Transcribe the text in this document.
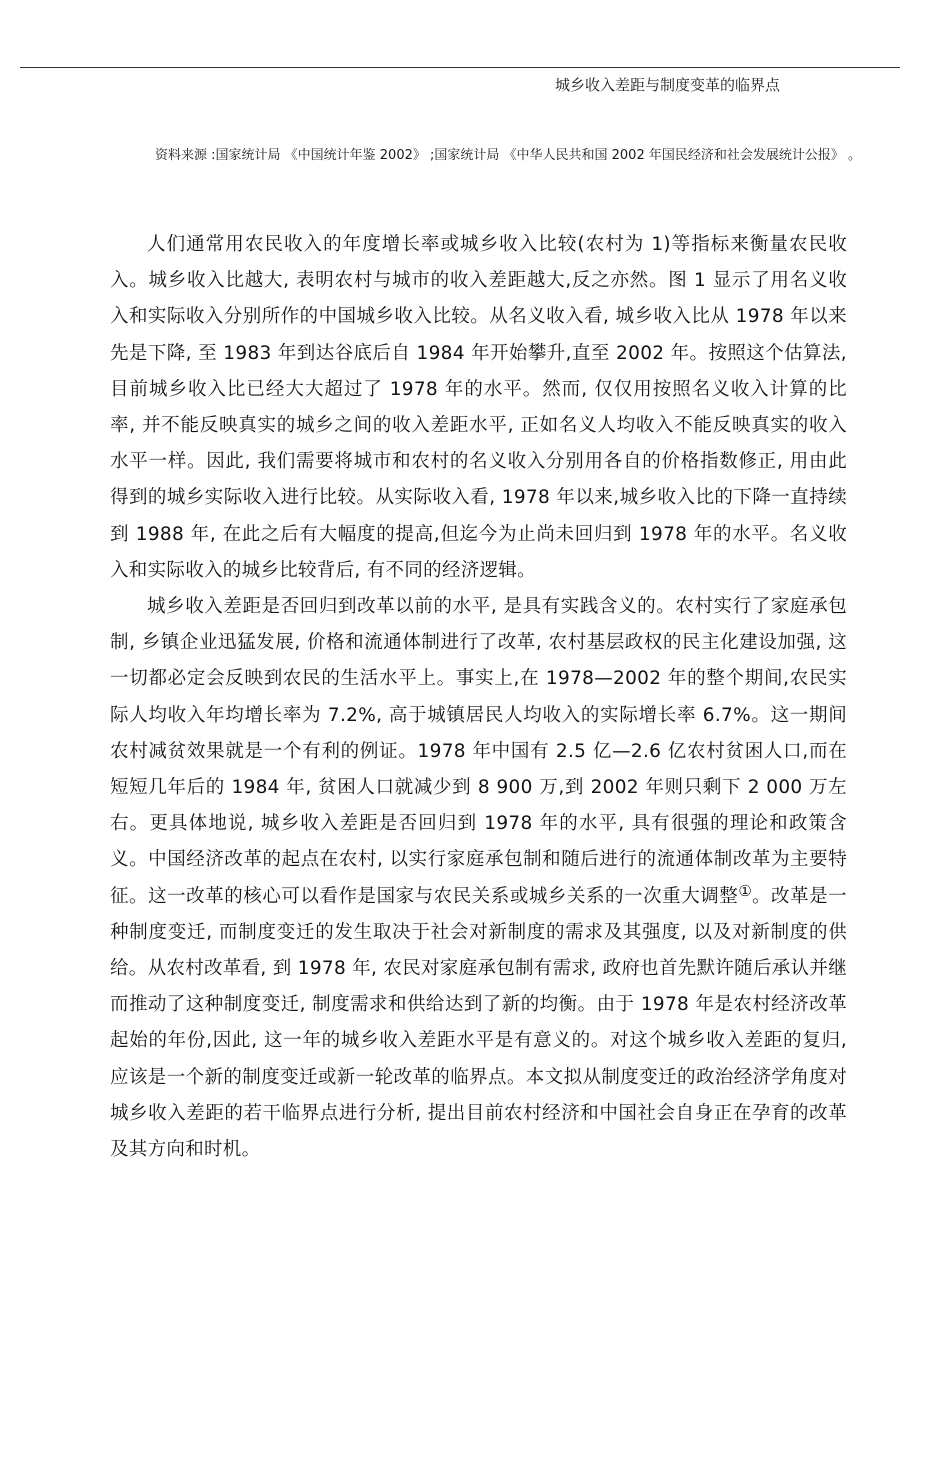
城乡收入差距与制度变革的临界点
资料来源 :国家统计局 《中国统计年鉴 2002》 ;国家统计局 《中华人民共和国 2002 年国民经济和社会发展统计公报》 。

人们通常用农民收入的年度增长率或城乡收入比较(农村为 1)等指标来衡量农民收入。城乡收入比越大, 表明农村与城市的收入差距越大,反之亦然。图 1 显示了用名义收入和实际收入分别所作的中国城乡收入比较。从名义收入看, 城乡收入比从 1978 年以来先是下降, 至 1983 年到达谷底后自 1984 年开始攀升,直至 2002 年。按照这个估算法,目前城乡收入比已经大大超过了 1978 年的水平。然而, 仅仅用按照名义收入计算的比率, 并不能反映真实的城乡之间的收入差距水平, 正如名义人均收入不能反映真实的收入水平一样。因此, 我们需要将城市和农村的名义收入分别用各自的价格指数修正, 用由此得到的城乡实际收入进行比较。从实际收入看, 1978 年以来,城乡收入比的下降一直持续到 1988 年, 在此之后有大幅度的提高,但迄今为止尚未回归到 1978 年的水平。名义收入和实际收入的城乡比较背后, 有不同的经济逻辑。

城乡收入差距是否回归到改革以前的水平, 是具有实践含义的。农村实行了家庭承包制, 乡镇企业迅猛发展, 价格和流通体制进行了改革, 农村基层政权的民主化建设加强, 这一切都必定会反映到农民的生活水平上。事实上,在 1978—2002 年的整个期间,农民实际人均收入年均增长率为 7.2%, 高于城镇居民人均收入的实际增长率 6.7%。这一期间农村减贫效果就是一个有利的例证。1978 年中国有 2.5 亿—2.6 亿农村贫困人口,而在短短几年后的 1984 年, 贫困人口就减少到 8 900 万,到 2002 年则只剩下 2 000 万左右。更具体地说, 城乡收入差距是否回归到 1978 年的水平, 具有很强的理论和政策含义。中国经济改革的起点在农村, 以实行家庭承包制和随后进行的流通体制改革为主要特征。这一改革的核心可以看作是国家与农民关系或城乡关系的一次重大调整①。改革是一种制度变迁, 而制度变迁的发生取决于社会对新制度的需求及其强度, 以及对新制度的供给。从农村改革看, 到 1978 年, 农民对家庭承包制有需求, 政府也首先默许随后承认并继而推动了这种制度变迁, 制度需求和供给达到了新的均衡。由于 1978 年是农村经济改革起始的年份,因此, 这一年的城乡收入差距水平是有意义的。对这个城乡收入差距的复归, 应该是一个新的制度变迁或新一轮改革的临界点。本文拟从制度变迁的政治经济学角度对城乡收入差距的若干临界点进行分析, 提出目前农村经济和中国社会自身正在孕育的改革及其方向和时机。
